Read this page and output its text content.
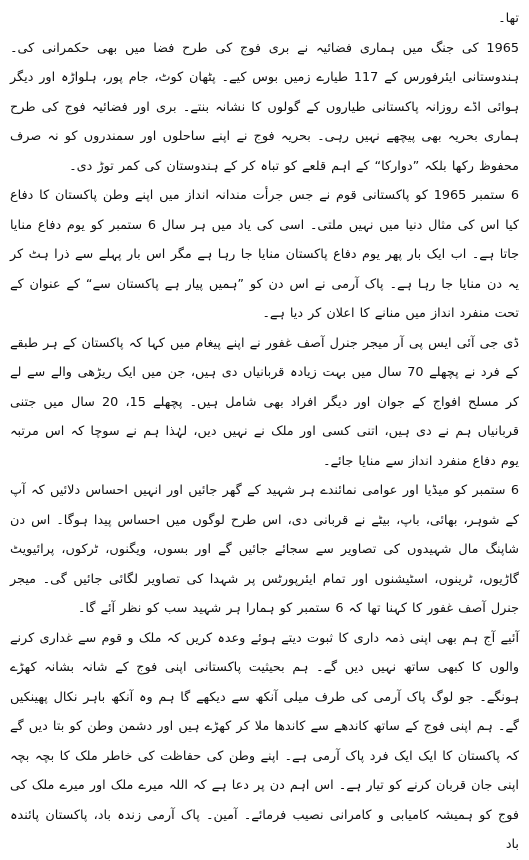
تھا۔

1965 کی جنگ میں ہماری فضائیہ نے بری فوج کی طرح فضا میں بھی حکمرانی کی۔ ہندوستانی ایئرفورس کے 117 طیارے زمیں بوس کیے۔ پٹھان کوٹ، جام پور، ہلواڑہ اور دیگر ہوائی اڈے روزانہ پاکستانی طیاروں کے گولوں کا نشانہ بنتے۔ بری اور فضائیہ فوج کی طرح ہماری بحریہ بھی پیچھے نہیں رہی۔ بحریہ فوج نے اپنے ساحلوں اور سمندروں کو نہ صرف محفوظ رکھا بلکہ ”دوارکا“ کے اہم قلعے کو تباہ کر کے ہندوستان کی کمر توڑ دی۔

6 ستمبر 1965 کو پاکستانی قوم نے جس جرأت مندانہ انداز میں اپنے وطن پاکستان کا دفاع کیا اس کی مثال دنیا میں نہیں ملتی۔ اسی کی یاد میں ہر سال 6 ستمبر کو یوم دفاع منایا جاتا ہے۔ اب ایک بار پھر یوم دفاع پاکستان منایا جا رہا ہے مگر اس بار پہلے سے ذرا ہٹ کر یہ دن منایا جا رہا ہے۔ پاک آرمی نے اس دن کو ”ہمیں پیار ہے پاکستان سے“ کے عنوان کے تحت منفرد انداز میں منانے کا اعلان کر دیا ہے۔

ڈی جی آئی ایس پی آر میجر جنرل آصف غفور نے اپنے پیغام میں کہا کہ پاکستان کے ہر طبقے کے فرد نے پچھلے 70 سال میں بہت زیادہ قربانیاں دی ہیں، جن میں ایک ریڑھی والے سے لے کر مسلح افواج کے جوان اور دیگر افراد بھی شامل ہیں۔ پچھلے 15، 20 سال میں جتنی قربانیاں ہم نے دی ہیں، اتنی کسی اور ملک نے نہیں دیں، لہٰذا ہم نے سوچا کہ اس مرتبہ یوم دفاع منفرد انداز سے منایا جائے۔

6 ستمبر کو میڈیا اور عوامی نمائندے ہر شہید کے گھر جائیں اور انہیں احساس دلائیں کہ آپ کے شوہر، بھائی، باپ، بیٹے نے قربانی دی، اس طرح لوگوں میں احساس پیدا ہوگا۔ اس دن شاپنگ مال شہیدوں کی تصاویر سے سجائے جائیں گے اور بسوں، ویگنوں، ٹرکوں، پرائیویٹ گاڑیوں، ٹرینوں، اسٹیشنوں اور تمام ایئرپورٹس پر شہدا کی تصاویر لگائی جائیں گی۔ میجر جنرل آصف غفور کا کہنا تھا کہ 6 ستمبر کو ہمارا ہر شہید سب کو نظر آئے گا۔

آئیے آج ہم بھی اپنی ذمہ داری کا ثبوت دیتے ہوئے وعدہ کریں کہ ملک و قوم سے غداری کرنے والوں کا کبھی ساتھ نہیں دیں گے۔ ہم بحیثیت پاکستانی اپنی فوج کے شانہ بشانہ کھڑے ہونگے۔ جو لوگ پاک آرمی کی طرف میلی آنکھ سے دیکھے گا ہم وہ آنکھ باہر نکال پھینکیں گے۔ ہم اپنی فوج کے ساتھ کاندھے سے کاندھا ملا کر کھڑے ہیں اور دشمن وطن کو بتا دیں گے کہ پاکستان کا ایک ایک فرد پاک آرمی ہے۔ اپنے وطن کی حفاظت کی خاطر ملک کا بچہ بچہ اپنی جان قربان کرنے کو تیار ہے۔ اس اہم دن پر دعا ہے کہ اللہ میرے ملک اور میرے ملک کی فوج کو ہمیشہ کامیابی و کامرانی نصیب فرمائے۔ آمین۔ پاک آرمی زندہ باد، پاکستان پائندہ باد
